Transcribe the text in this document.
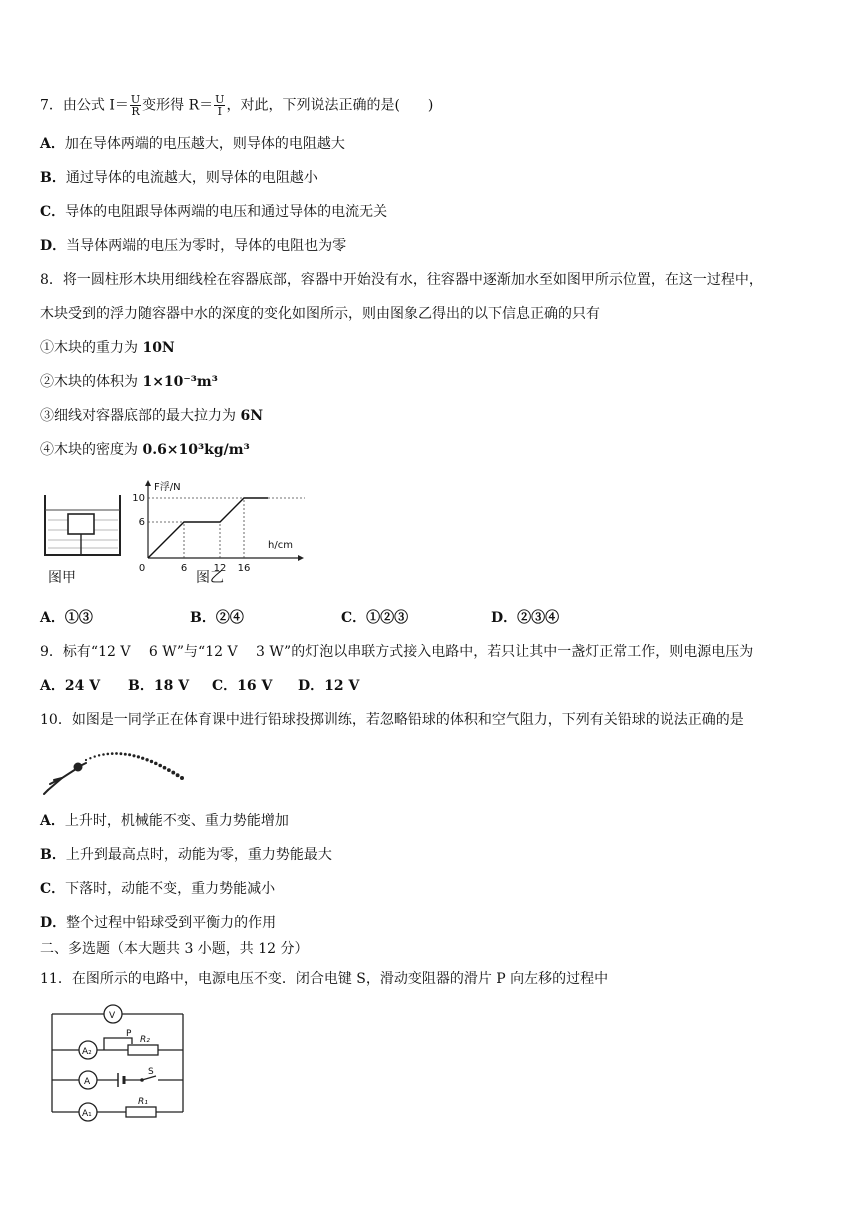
7．由公式 $I= \frac{U}{R}$ 变形得 $R= \frac{U}{I}$ ，对此，下列说法正确的是(　　)
A．加在导体两端的电压越大，则导体的电阻越大
B．通过导体的电流越大，则导体的电阻越小
C．导体的电阻跟导体两端的电压和通过导体的电流无关
D．当导体两端的电压为零时，导体的电阻也为零
8．将一圆柱形木块用细线栓在容器底部，容器中开始没有水，往容器中逐渐加水至如图甲所示位置，在这一过程中，
木块受到的浮力随容器中水的深度的变化如图所示，则由图象乙得出的以下信息正确的只有
①木块的重力为 10N
②木块的体积为 1×10⁻³m³
③细线对容器底部的最大拉力为 6N
④木块的密度为 0.6×10³kg/m³
图甲
F浮/N
h/cm
6
10
0	6	12 16
图乙
A．①③	B．②④	C．①②③	D．②③④
9．标有“12 V　 6 W”与“12 V　 3 W”的灯泡以串联方式接入电路中，若只让其中一盏灯正常工作，则电源电压为
A．24 V B．18 V C．16 V D．12 V
10．如图是一同学正在体育课中进行铅球投掷训练，若忽略铅球的体积和空气阻力，下列有关铅球的说法正确的是
A．上升时，机械能不变、重力势能增加
B．上升到最高点时，动能为零，重力势能最大
C．下落时，动能不变，重力势能减小
D．整个过程中铅球受到平衡力的作用
二、多选题（本大题共 3 小题，共 12 分）
11．在图所示的电路中，电源电压不变．闭合电键 S，滑动变阻器的滑片 P 向左移的过程中
V
A₂
A
A₁
P
R₂
S
R₁
